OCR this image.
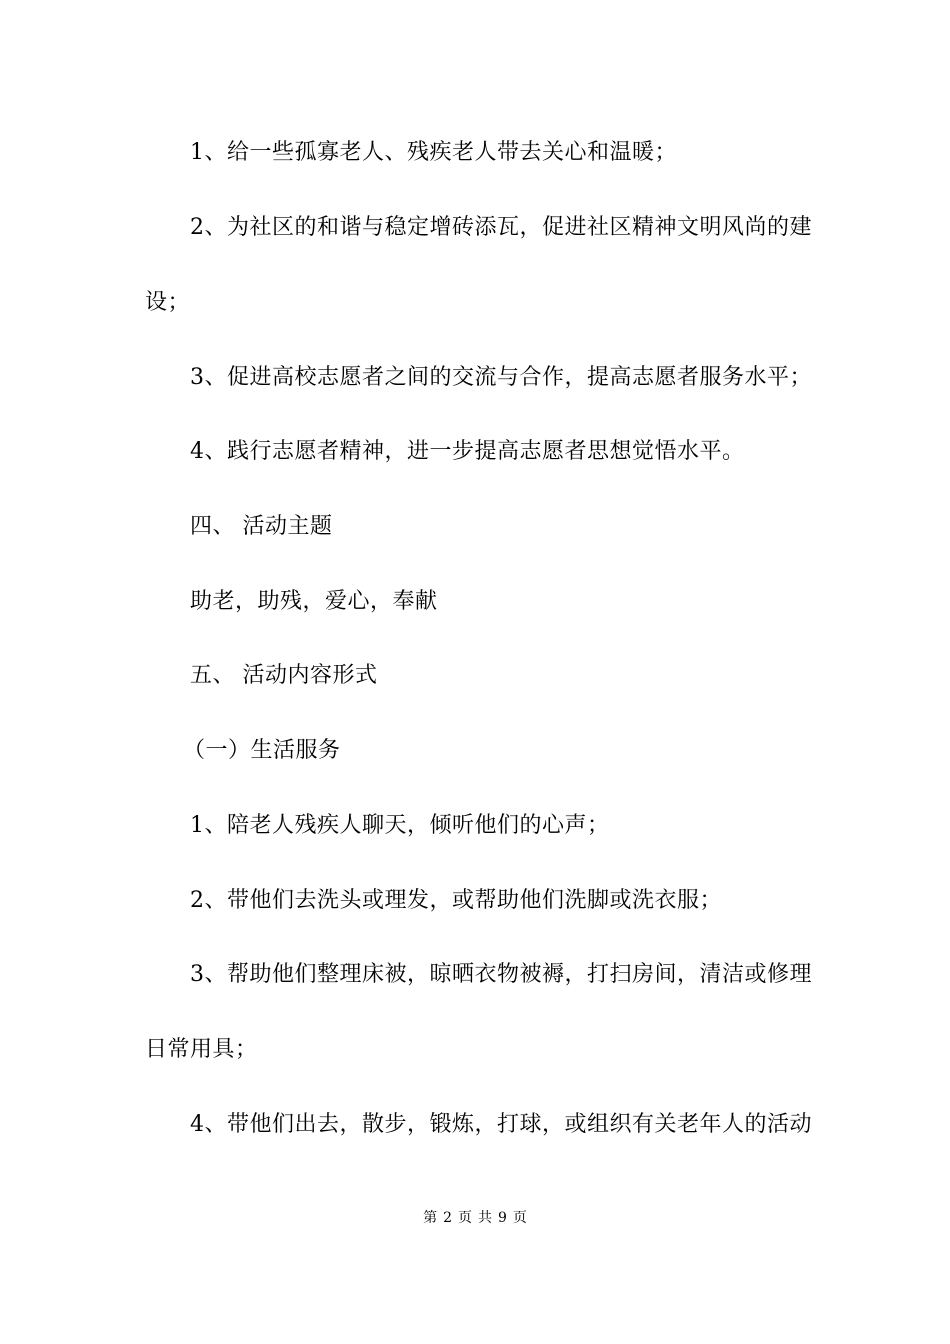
1、给一些孤寡老人、残疾老人带去关心和温暖；
2、为社区的和谐与稳定增砖添瓦，促进社区精神文明风尚的建
设；
3、促进高校志愿者之间的交流与合作，提高志愿者服务水平；
4、践行志愿者精神，进一步提高志愿者思想觉悟水平。
四、 活动主题
助老，助残，爱心，奉献
五、 活动内容形式
（一）生活服务
1、陪老人残疾人聊天，倾听他们的心声；
2、带他们去洗头或理发，或帮助他们洗脚或洗衣服；
3、帮助他们整理床被，晾晒衣物被褥，打扫房间，清洁或修理
日常用具；
4、带他们出去，散步，锻炼，打球，或组织有关老年人的活动
第 2 页 共 9 页
